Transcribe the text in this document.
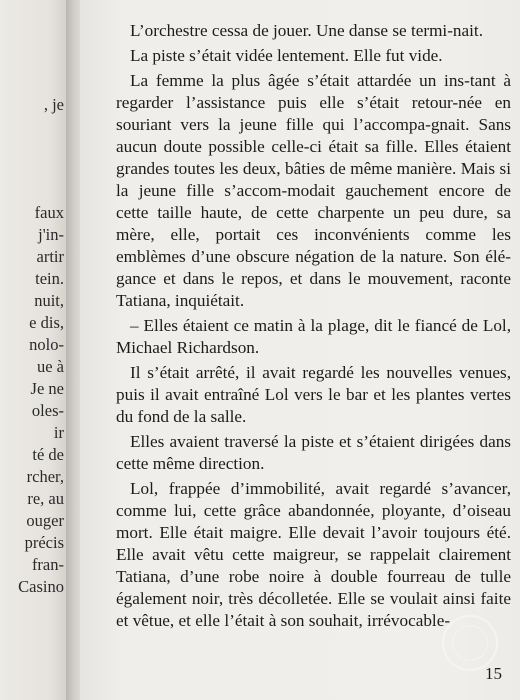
, je
faux
j'in-
artir
tein.
nuit,
e dis,
nolo-
ue à
Je ne
oles-
ir
té de
rcher,
re, au
ouger
précis
fran-
Casino

L’orchestre cessa de jouer. Une danse se termi-nait.

La piste s’était vidée lentement. Elle fut vide.

La femme la plus âgée s’était attardée un ins-tant à regarder l’assistance puis elle s’était retour-née en souriant vers la jeune fille qui l’accompa-gnait. Sans aucun doute possible celle-ci était sa fille. Elles étaient grandes toutes les deux, bâties de même manière. Mais si la jeune fille s’accom-modait gauchement encore de cette taille haute, de cette charpente un peu dure, sa mère, elle, portait ces inconvénients comme les emblèmes d’une obscure négation de la nature. Son élé-gance et dans le repos, et dans le mouvement, raconte Tatiana, inquiétait.

– Elles étaient ce matin à la plage, dit le fiancé de Lol, Michael Richardson.

Il s’était arrêté, il avait regardé les nouvelles venues, puis il avait entraîné Lol vers le bar et les plantes vertes du fond de la salle.

Elles avaient traversé la piste et s’étaient dirigées dans cette même direction.

Lol, frappée d’immobilité, avait regardé s’avancer, comme lui, cette grâce abandonnée, ployante, d’oiseau mort. Elle était maigre. Elle devait l’avoir toujours été. Elle avait vêtu cette maigreur, se rappelait clairement Tatiana, d’une robe noire à double fourreau de tulle également noir, très décolletée. Elle se voulait ainsi faite et vêtue, et elle l’était à son souhait, irrévocable-

15
